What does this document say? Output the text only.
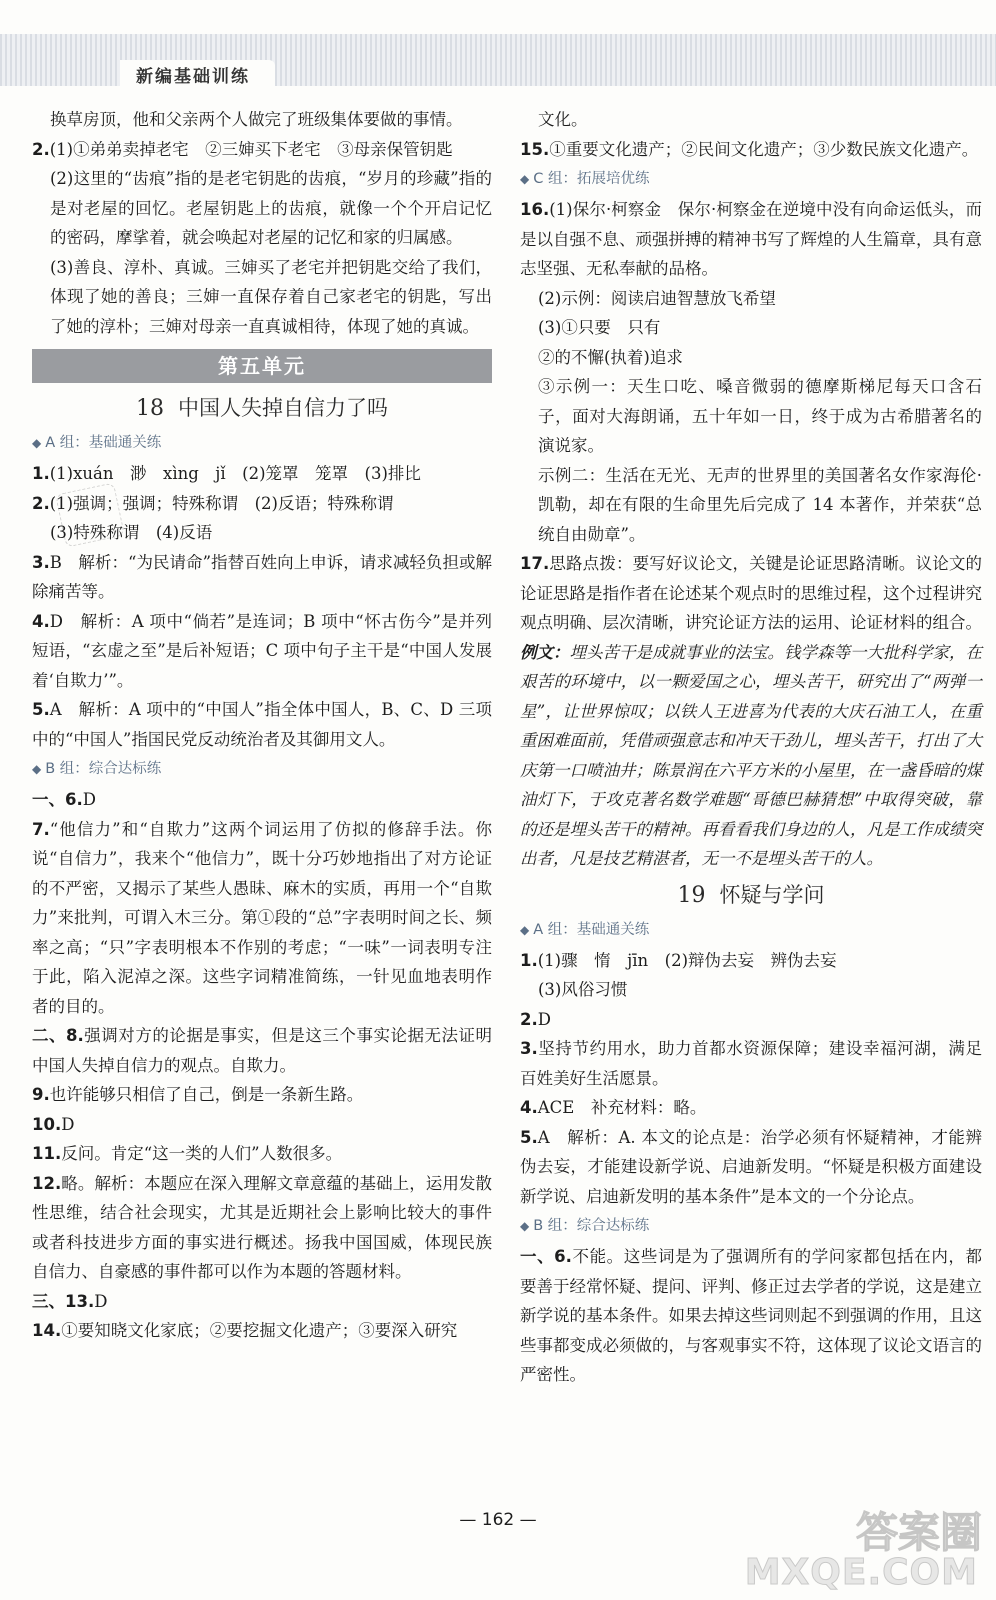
新编基础训练

换草房顶，他和父亲两个人做完了班级集体要做的事情。

2.(1)①弟弟卖掉老宅　②三婶买下老宅　③母亲保管钥匙

(2)这里的“齿痕”指的是老宅钥匙的齿痕，“岁月的珍藏”指的是对老屋的回忆。老屋钥匙上的齿痕，就像一个个开启记忆的密码，摩挲着，就会唤起对老屋的记忆和家的归属感。

(3)善良、淳朴、真诚。三婶买了老宅并把钥匙交给了我们，体现了她的善良；三婶一直保存着自己家老宅的钥匙，写出了她的淳朴；三婶对母亲一直真诚相待，体现了她的真诚。

第五单元
18 中国人失掉自信力了吗
◆ A 组：基础通关练

1.(1)xuán　渺　xìng　jǐ　(2)笼罩　笼罩　(3)排比

2.(1)强调；强调；特殊称谓　(2)反语；特殊称谓

(3)特殊称谓　(4)反语

3.B　解析：“为民请命”指替百姓向上申诉，请求减轻负担或解除痛苦等。

4.D　解析：A 项中“倘若”是连词；B 项中“怀古伤今”是并列短语，“玄虚之至”是后补短语；C 项中句子主干是“中国人发展着‘自欺力’”。

5.A　解析：A 项中的“中国人”指全体中国人，B、C、D 三项中的“中国人”指国民党反动统治者及其御用文人。

◆ B 组：综合达标练

一、6.D

7.“他信力”和“自欺力”这两个词运用了仿拟的修辞手法。你说“自信力”，我来个“他信力”，既十分巧妙地指出了对方论证的不严密，又揭示了某些人愚昧、麻木的实质，再用一个“自欺力”来批判，可谓入木三分。第①段的“总”字表明时间之长、频率之高；“只”字表明根本不作别的考虑；“一味”一词表明专注于此，陷入泥淖之深。这些字词精准简练，一针见血地表明作者的目的。

二、8.强调对方的论据是事实，但是这三个事实论据无法证明中国人失掉自信力的观点。自欺力。

9.也许能够只相信了自己，倒是一条新生路。

10.D

11.反问。肯定“这一类的人们”人数很多。

12.略。解析：本题应在深入理解文章意蕴的基础上，运用发散性思维，结合社会现实，尤其是近期社会上影响比较大的事件或者科技进步方面的事实进行概述。扬我中国国威，体现民族自信力、自豪感的事件都可以作为本题的答题材料。

三、13.D

14.①要知晓文化家底；②要挖掘文化遗产；③要深入研究

文化。

15.①重要文化遗产；②民间文化遗产；③少数民族文化遗产。

◆ C 组：拓展培优练

16.(1)保尔·柯察金　保尔·柯察金在逆境中没有向命运低头，而是以自强不息、顽强拼搏的精神书写了辉煌的人生篇章，具有意志坚强、无私奉献的品格。

(2)示例：阅读启迪智慧放飞希望

(3)①只要　只有

②的不懈(执着)追求

③示例一：天生口吃、嗓音微弱的德摩斯梯尼每天口含石子，面对大海朗诵，五十年如一日，终于成为古希腊著名的演说家。

示例二：生活在无光、无声的世界里的美国著名女作家海伦·凯勒，却在有限的生命里先后完成了 14 本著作，并荣获“总统自由勋章”。

17.思路点拨：要写好议论文，关键是论证思路清晰。议论文的论证思路是指作者在论述某个观点时的思维过程，这个过程讲究观点明确、层次清晰，讲究论证方法的运用、论证材料的组合。

例文：埋头苦干是成就事业的法宝。钱学森等一大批科学家，在艰苦的环境中，以一颗爱国之心，埋头苦干，研究出了“两弹一星”，让世界惊叹；以铁人王进喜为代表的大庆石油工人，在重重困难面前，凭借顽强意志和冲天干劲儿，埋头苦干，打出了大庆第一口喷油井；陈景润在六平方米的小屋里，在一盏昏暗的煤油灯下，于攻克著名数学难题“哥德巴赫猜想”中取得突破，靠的还是埋头苦干的精神。再看看我们身边的人，凡是工作成绩突出者，凡是技艺精湛者，无一不是埋头苦干的人。

19 怀疑与学问
◆ A 组：基础通关练

1.(1)骤　惰　jīn　(2)辩伪去妄　辨伪去妄

(3)风俗习惯

2.D

3.坚持节约用水，助力首都水资源保障；建设幸福河湖，满足百姓美好生活愿景。

4.ACE　补充材料：略。

5.A　解析：A. 本文的论点是：治学必须有怀疑精神，才能辨伪去妄，才能建设新学说、启迪新发明。“怀疑是积极方面建设新学说、启迪新发明的基本条件”是本文的一个分论点。

◆ B 组：综合达标练

一、6.不能。这些词是为了强调所有的学问家都包括在内，都要善于经常怀疑、提问、评判、修正过去学者的学说，这是建立新学说的基本条件。如果去掉这些词则起不到强调的作用，且这些事都变成必须做的，与客观事实不符，这体现了议论文语言的严密性。

— 162 —	答案圈
MXQE.COM
